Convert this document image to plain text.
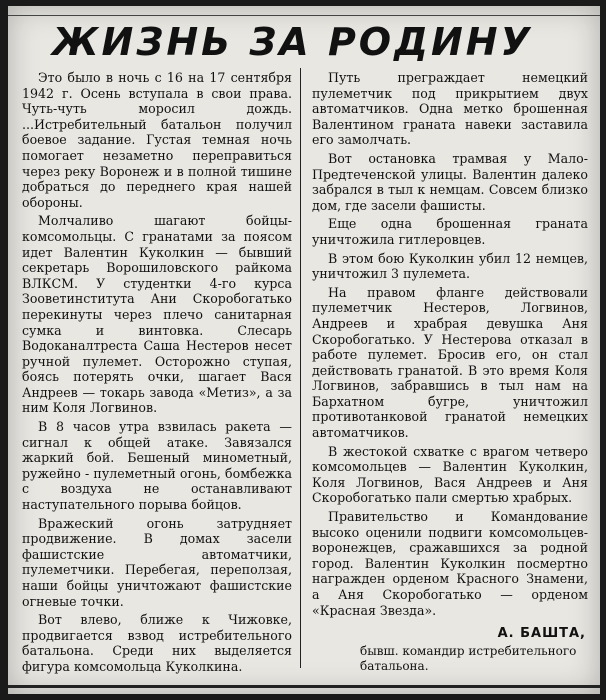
ЖИЗНЬ ЗА РОДИНУ

Это было в ночь с 16 на 17 сентября 1942 г. Осень вступала в свои права. Чуть-чуть моросил дождь. ...Истребительный батальон получил боевое задание. Густая темная ночь помогает незаметно переправиться через реку Воронеж и в полной тишине добраться до переднего края нашей обороны.

Молчаливо шагают бойцы-комсомольцы. С гранатами за поясом идет Валентин Куколкин — бывший секретарь Ворошиловского райкома ВЛКСМ. У студентки 4-го курса Зооветинститута Ани Скоробогатько перекинуты через плечо санитарная сумка и винтовка. Слесарь Водоканалтреста Саша Нестеров несет ручной пулемет. Осторожно ступая, боясь потерять очки, шагает Вася Андреев — токарь завода «Метиз», а за ним Коля Логвинов.

В 8 часов утра взвилась ракета — сигнал к общей атаке. Завязался жаркий бой. Бешеный минометный, ружейно - пулеметный огонь, бомбежка с воздуха не останавливают наступательного порыва бойцов.

Вражеский огонь затрудняет продвижение. В домах засели фашистские автоматчики, пулеметчики. Перебегая, переползая, наши бойцы уничтожают фашистские огневые точки.

Вот влево, ближе к Чижовке, продвигается взвод истребительного батальона. Среди них выделяется фигура комсомольца Куколкина.

Путь преграждает немецкий пулеметчик под прикрытием двух автоматчиков. Одна метко брошенная Валентином граната навеки заставила его замолчать.

Вот остановка трамвая у Мало-Предтеченской улицы. Валентин далеко забрался в тыл к немцам. Совсем близко дом, где засели фашисты.

Еще одна брошенная граната уничтожила гитлеровцев.

В этом бою Куколкин убил 12 немцев, уничтожил 3 пулемета.

На правом фланге действовали пулеметчик Нестеров, Логвинов, Андреев и храбрая девушка Аня Скоробогатько. У Нестерова отказал в работе пулемет. Бросив его, он стал действовать гранатой. В это время Коля Логвинов, забравшись в тыл нам на Бархатном бугре, уничтожил противотанковой гранатой немецких автоматчиков.

В жестокой схватке с врагом четверо комсомольцев — Валентин Куколкин, Коля Логвинов, Вася Андреев и Аня Скоробогатько пали смертью храбрых.

Правительство и Командование высоко оценили подвиги комсомольцев-воронежцев, сражавшихся за родной город. Валентин Куколкин посмертно награжден орденом Красного Знамени, а Аня Скоробогатько — орденом «Красная Звезда».

А. БАШТА,
бывш. командир истребительного батальона.
